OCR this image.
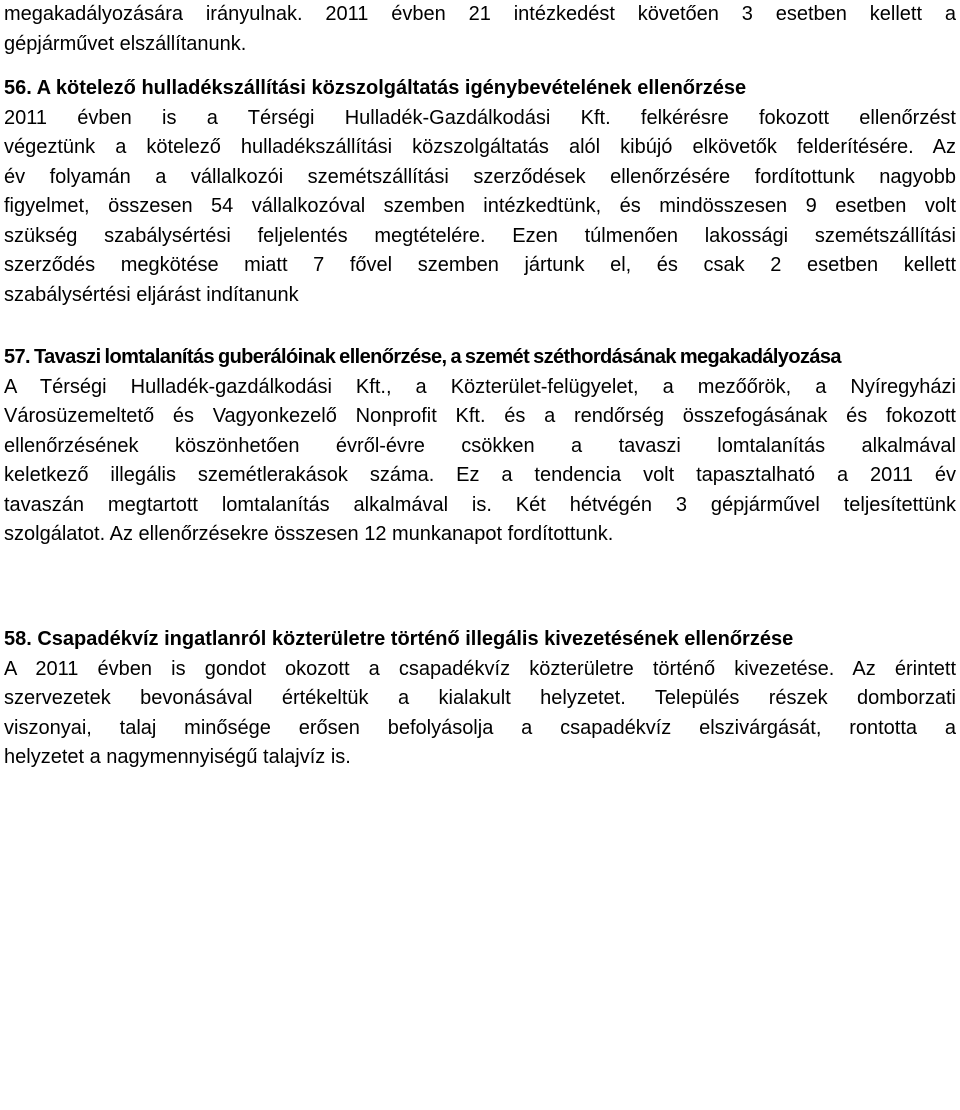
megakadályozására irányulnak. 2011 évben 21 intézkedést követően 3 esetben kellett a
gépjárművet elszállítanunk.
56. A kötelező hulladékszállítási közszolgáltatás igénybevételének ellenőrzése
2011 évben is a Térségi Hulladék-Gazdálkodási Kft. felkérésre fokozott ellenőrzést
végeztünk a kötelező hulladékszállítási közszolgáltatás alól kibújó elkövetők felderítésére. Az
év folyamán a vállalkozói szemétszállítási szerződések ellenőrzésére fordítottunk nagyobb
figyelmet, összesen 54 vállalkozóval szemben intézkedtünk, és mindösszesen 9 esetben volt
szükség szabálysértési feljelentés megtételére. Ezen túlmenően lakossági szemétszállítási
szerződés megkötése miatt 7 fővel szemben jártunk el, és csak 2 esetben kellett
szabálysértési eljárást indítanunk
57. Tavaszi lomtalanítás guberálóinak ellenőrzése, a szemét széthordásának megakadályozása
A Térségi Hulladék-gazdálkodási Kft., a Közterület-felügyelet, a mezőőrök, a Nyíregyházi
Városüzemeltető és Vagyonkezelő Nonprofit Kft. és a rendőrség összefogásának és fokozott
ellenőrzésének köszönhetően évről-évre csökken a tavaszi lomtalanítás alkalmával
keletkező illegális szemétlerakások száma. Ez a tendencia volt tapasztalható a 2011 év
tavaszán megtartott lomtalanítás alkalmával is. Két hétvégén 3 gépjárművel teljesítettünk
szolgálatot. Az ellenőrzésekre összesen 12 munkanapot fordítottunk.
58. Csapadékvíz ingatlanról közterületre történő illegális kivezetésének ellenőrzése
A 2011 évben is gondot okozott a csapadékvíz közterületre történő kivezetése. Az érintett
szervezetek bevonásával értékeltük a kialakult helyzetet. Település részek domborzati
viszonyai, talaj minősége erősen befolyásolja a csapadékvíz elszivárgását, rontotta a
helyzetet a nagymennyiségű talajvíz is.
